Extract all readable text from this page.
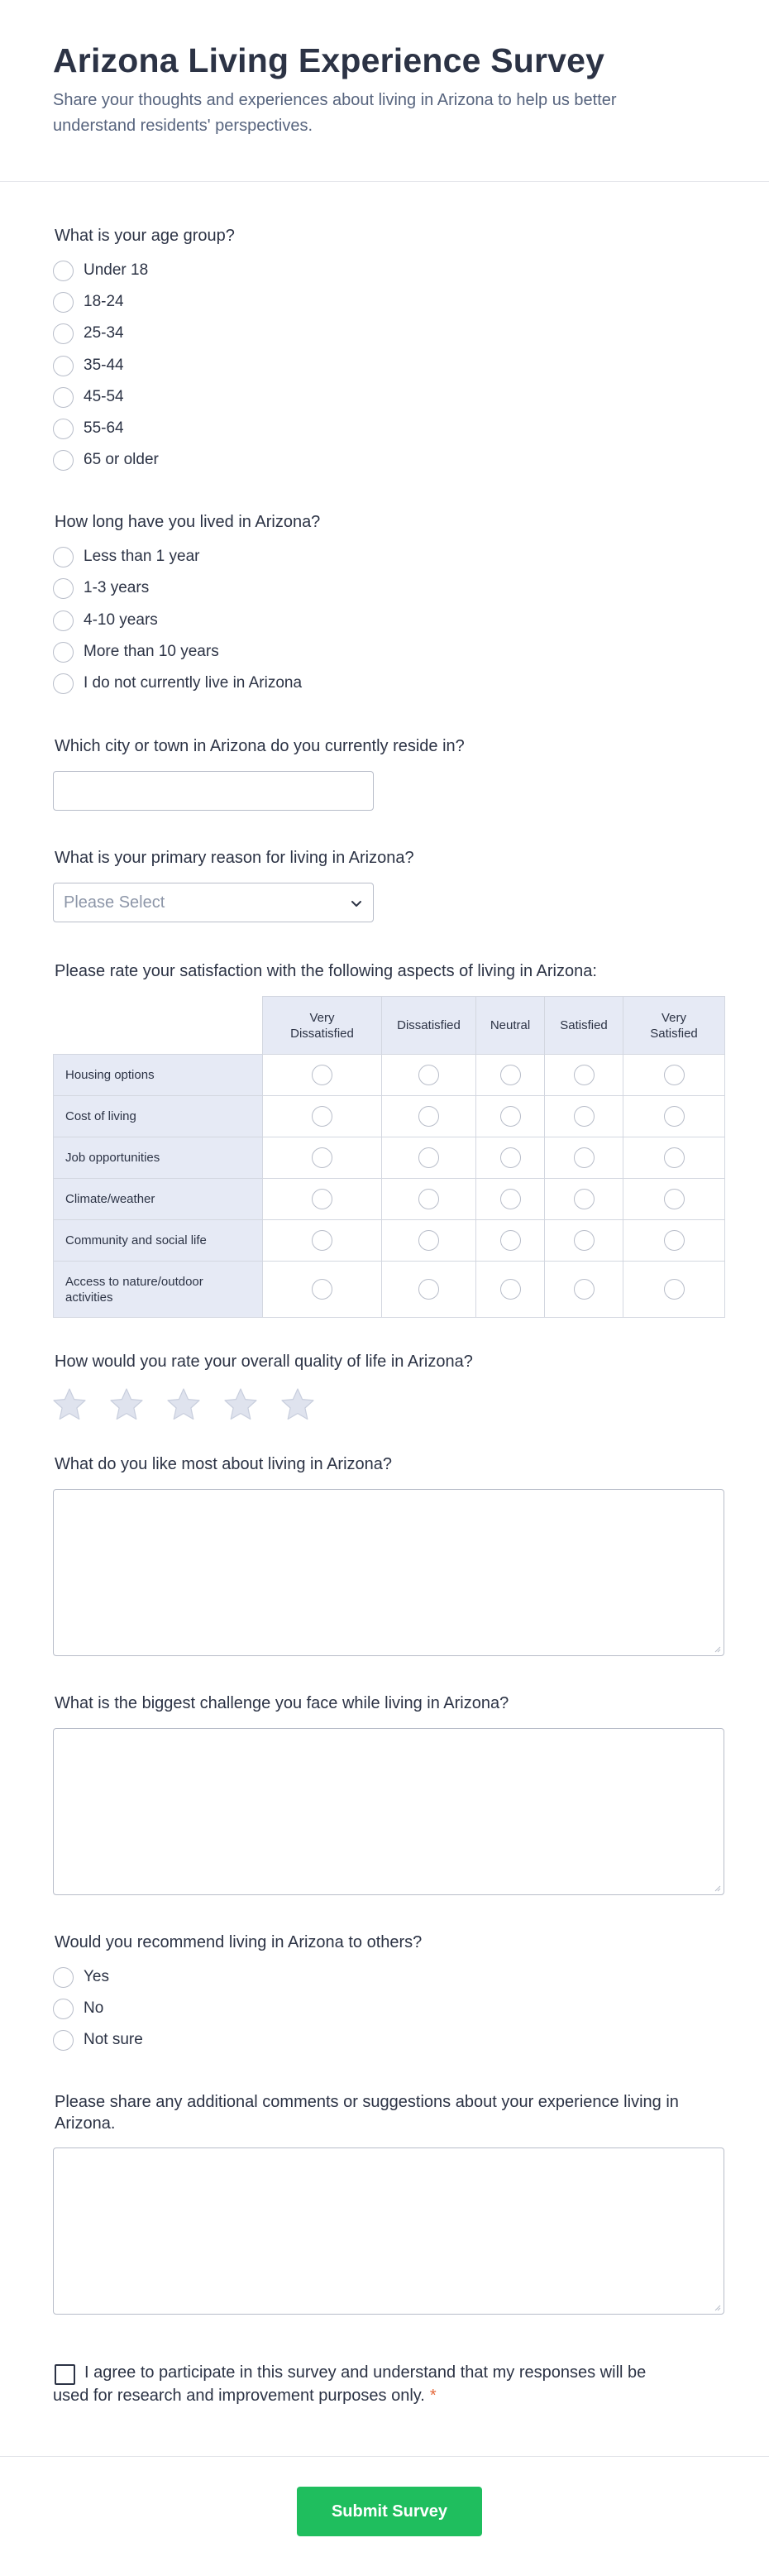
Arizona Living Experience Survey

Share your thoughts and experiences about living in Arizona to help us better understand residents' perspectives.

What is your age group?
Under 18
18-24
25-34
35-44
45-54
55-64
65 or older
How long have you lived in Arizona?
Less than 1 year
1-3 years
4-10 years
More than 10 years
I do not currently live in Arizona
Which city or town in Arizona do you currently reside in?
What is your primary reason for living in Arizona?
Please Select
Please rate your satisfaction with the following aspects of living in Arizona:
	Very Dissatisfied	Dissatisfied	Neutral	Satisfied	Very Satisfied
Housing options					
Cost of living					
Job opportunities					
Climate/weather					
Community and social life					
Access to nature/outdoor activities					
How would you rate your overall quality of life in Arizona?
What do you like most about living in Arizona?
What is the biggest challenge you face while living in Arizona?
Would you recommend living in Arizona to others?
Yes
No
Not sure
Please share any additional comments or suggestions about your experience living in Arizona.

I agree to participate in this survey and understand that my responses will be used for research and improvement purposes only. *

Submit Survey
